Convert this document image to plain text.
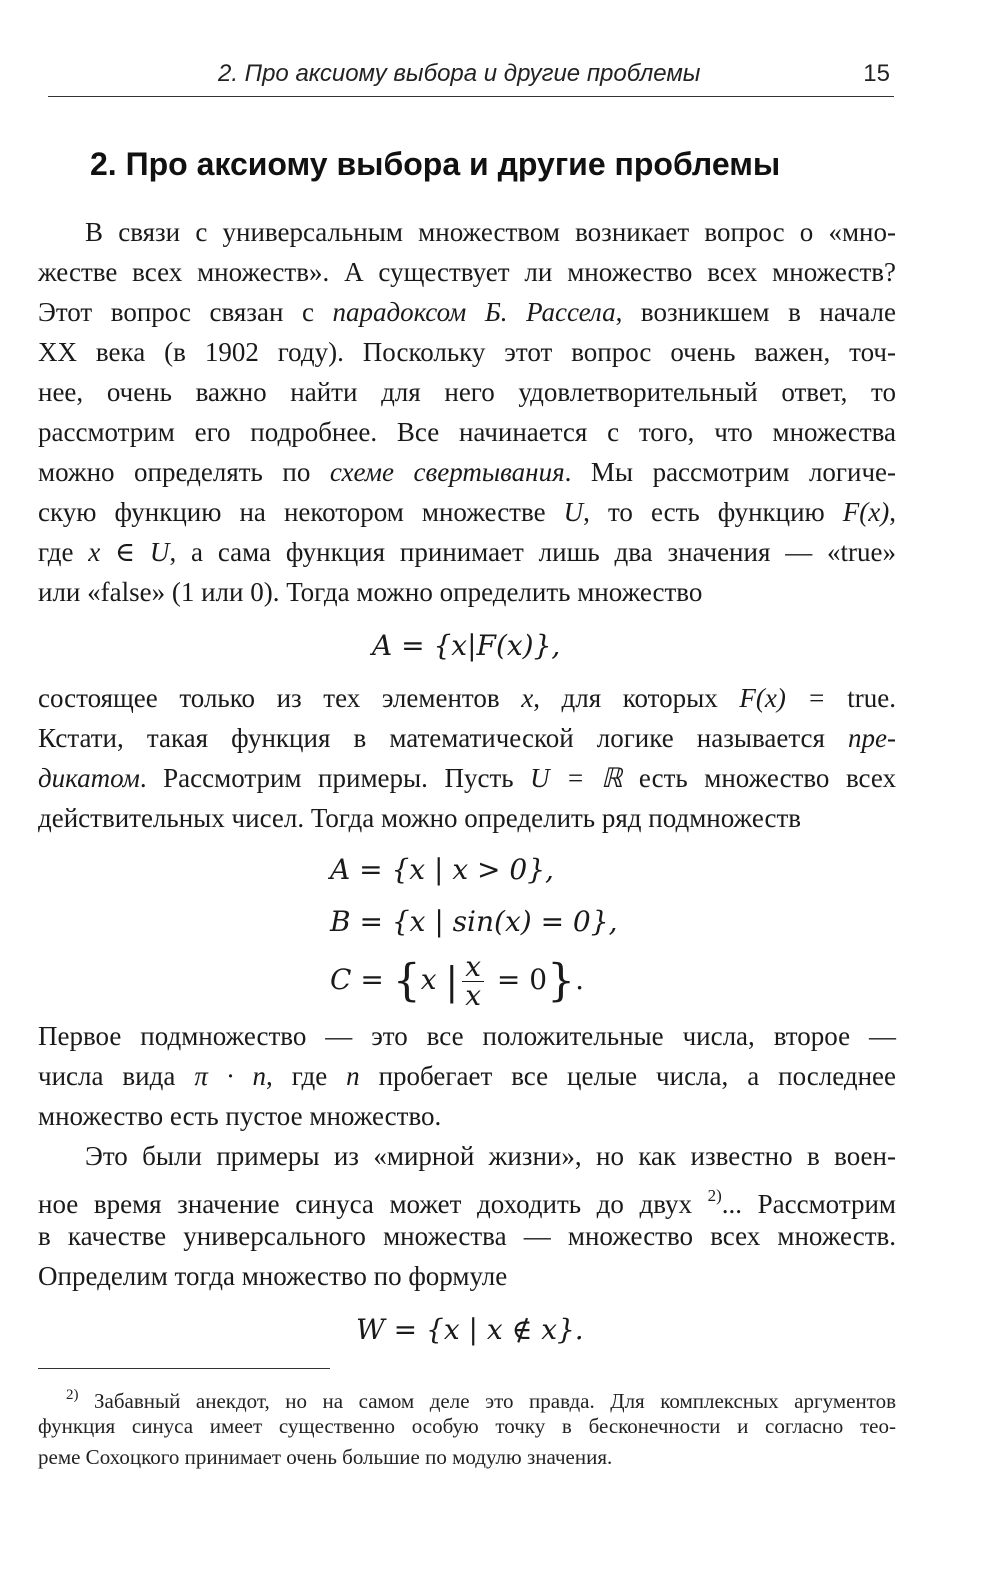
2. Про аксиому выбора и другие проблемы	15
2. Про аксиому выбора и другие проблемы
В связи с универсальным множеством возникает вопрос о «мно-
жестве всех множеств». А существует ли множество всех множеств?
Этот вопрос связан с парадоксом Б. Рассела, возникшем в начале
XX века (в 1902 году). Поскольку этот вопрос очень важен, точ-
нее, очень важно найти для него удовлетворительный ответ, то
рассмотрим его подробнее. Все начинается с того, что множества
можно определять по схеме свертывания. Мы рассмотрим логиче-
скую функцию на некотором множестве U, то есть функцию F(x),
где x ∈ U, а сама функция принимает лишь два значения — «true»
или «false» (1 или 0). Тогда можно определить множество
A = {x|F(x)},
состоящее только из тех элементов x, для которых F(x) = true.
Кстати, такая функция в математической логике называется пре-
дикатом. Рассмотрим примеры. Пусть U = ℝ есть множество всех
действительных чисел. Тогда можно определить ряд подмножеств
A = {x | x > 0},
B = {x | sin(x) = 0},
C = {x | $\frac{x}{x} = 0$}.
Первое подмножество — это все положительные числа, второе —
числа вида π · n, где n пробегает все целые числа, а последнее
множество есть пустое множество.
Это были примеры из «мирной жизни», но как известно в воен-
ное время значение синуса может доходить до двух $^{2)}$... Рассмотрим
в качестве универсального множества — множество всех множеств.
Определим тогда множество по формуле
W = {x | x ∉ x}.
$^{2)}$ Забавный анекдот, но на самом деле это правда. Для комплексных аргументов
функция синуса имеет существенно особую точку в бесконечности и согласно тео-
реме Сохоцкого принимает очень большие по модулю значения.
